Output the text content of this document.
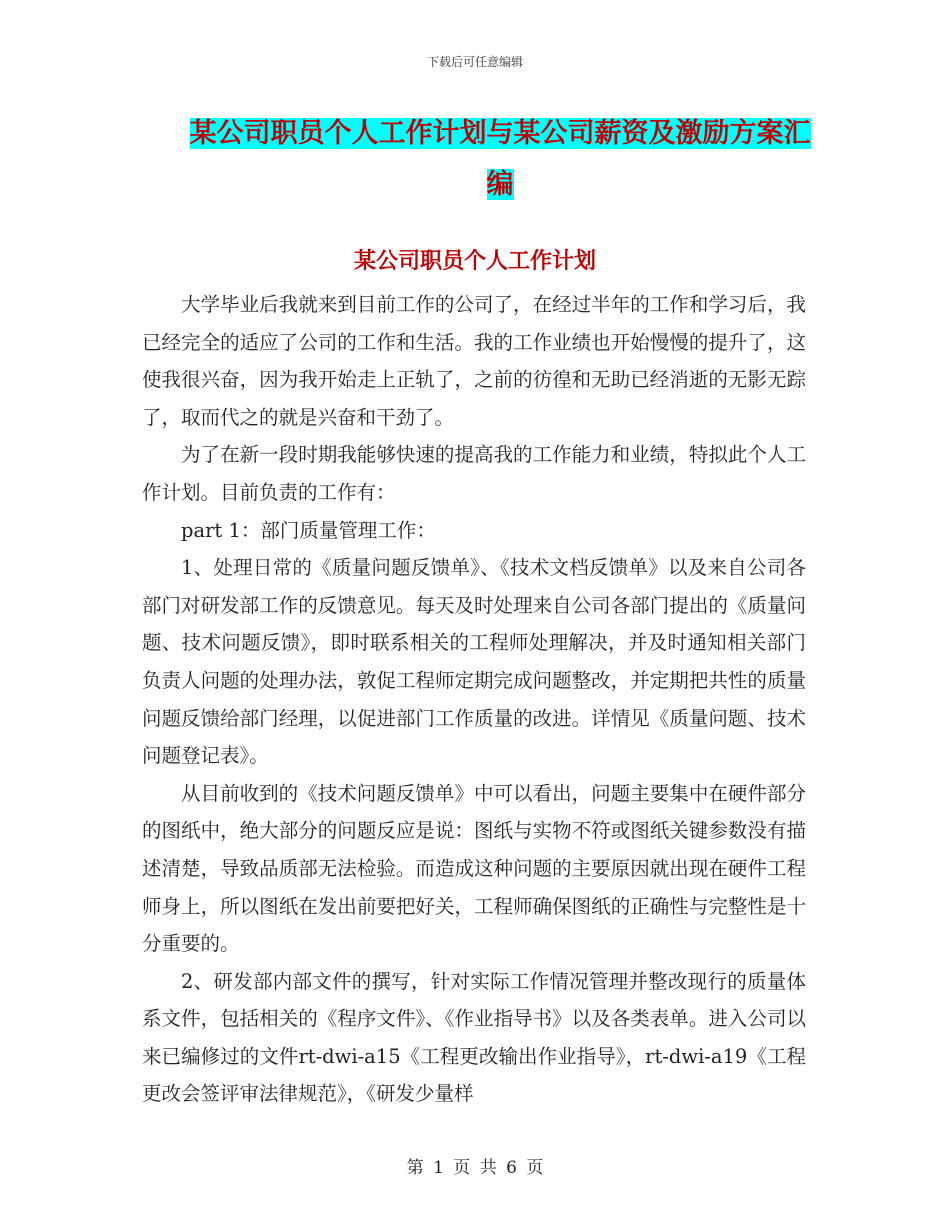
下载后可任意编辑
某公司职员个人工作计划与某公司薪资及激励方案汇
编
某公司职员个人工作计划

大学毕业后我就来到目前工作的公司了，在经过半年的工作和学习后，我已经完全的适应了公司的工作和生活。我的工作业绩也开始慢慢的提升了，这使我很兴奋，因为我开始走上正轨了，之前的彷徨和无助已经消逝的无影无踪了，取而代之的就是兴奋和干劲了。

为了在新一段时期我能够快速的提高我的工作能力和业绩，特拟此个人工作计划。目前负责的工作有：

part 1：部门质量管理工作：

1、处理日常的《质量问题反馈单》、《技术文档反馈单》以及来自公司各部门对研发部工作的反馈意见。每天及时处理来自公司各部门提出的《质量问题、技术问题反馈》，即时联系相关的工程师处理解决，并及时通知相关部门负责人问题的处理办法，敦促工程师定期完成问题整改，并定期把共性的质量问题反馈给部门经理，以促进部门工作质量的改进。详情见《质量问题、技术问题登记表》。

从目前收到的《技术问题反馈单》中可以看出，问题主要集中在硬件部分的图纸中，绝大部分的问题反应是说：图纸与实物不符或图纸关键参数没有描述清楚，导致品质部无法检验。而造成这种问题的主要原因就出现在硬件工程师身上，所以图纸在发出前要把好关，工程师确保图纸的正确性与完整性是十分重要的。

2、研发部内部文件的撰写，针对实际工作情况管理并整改现行的质量体系文件，包括相关的《程序文件》、《作业指导书》以及各类表单。进入公司以来已编修过的文件rt-dwi-a15《工程更改输出作业指导》，rt-dwi-a19《工程更改会签评审法律规范》，《研发少量样

第 1 页 共 6 页
